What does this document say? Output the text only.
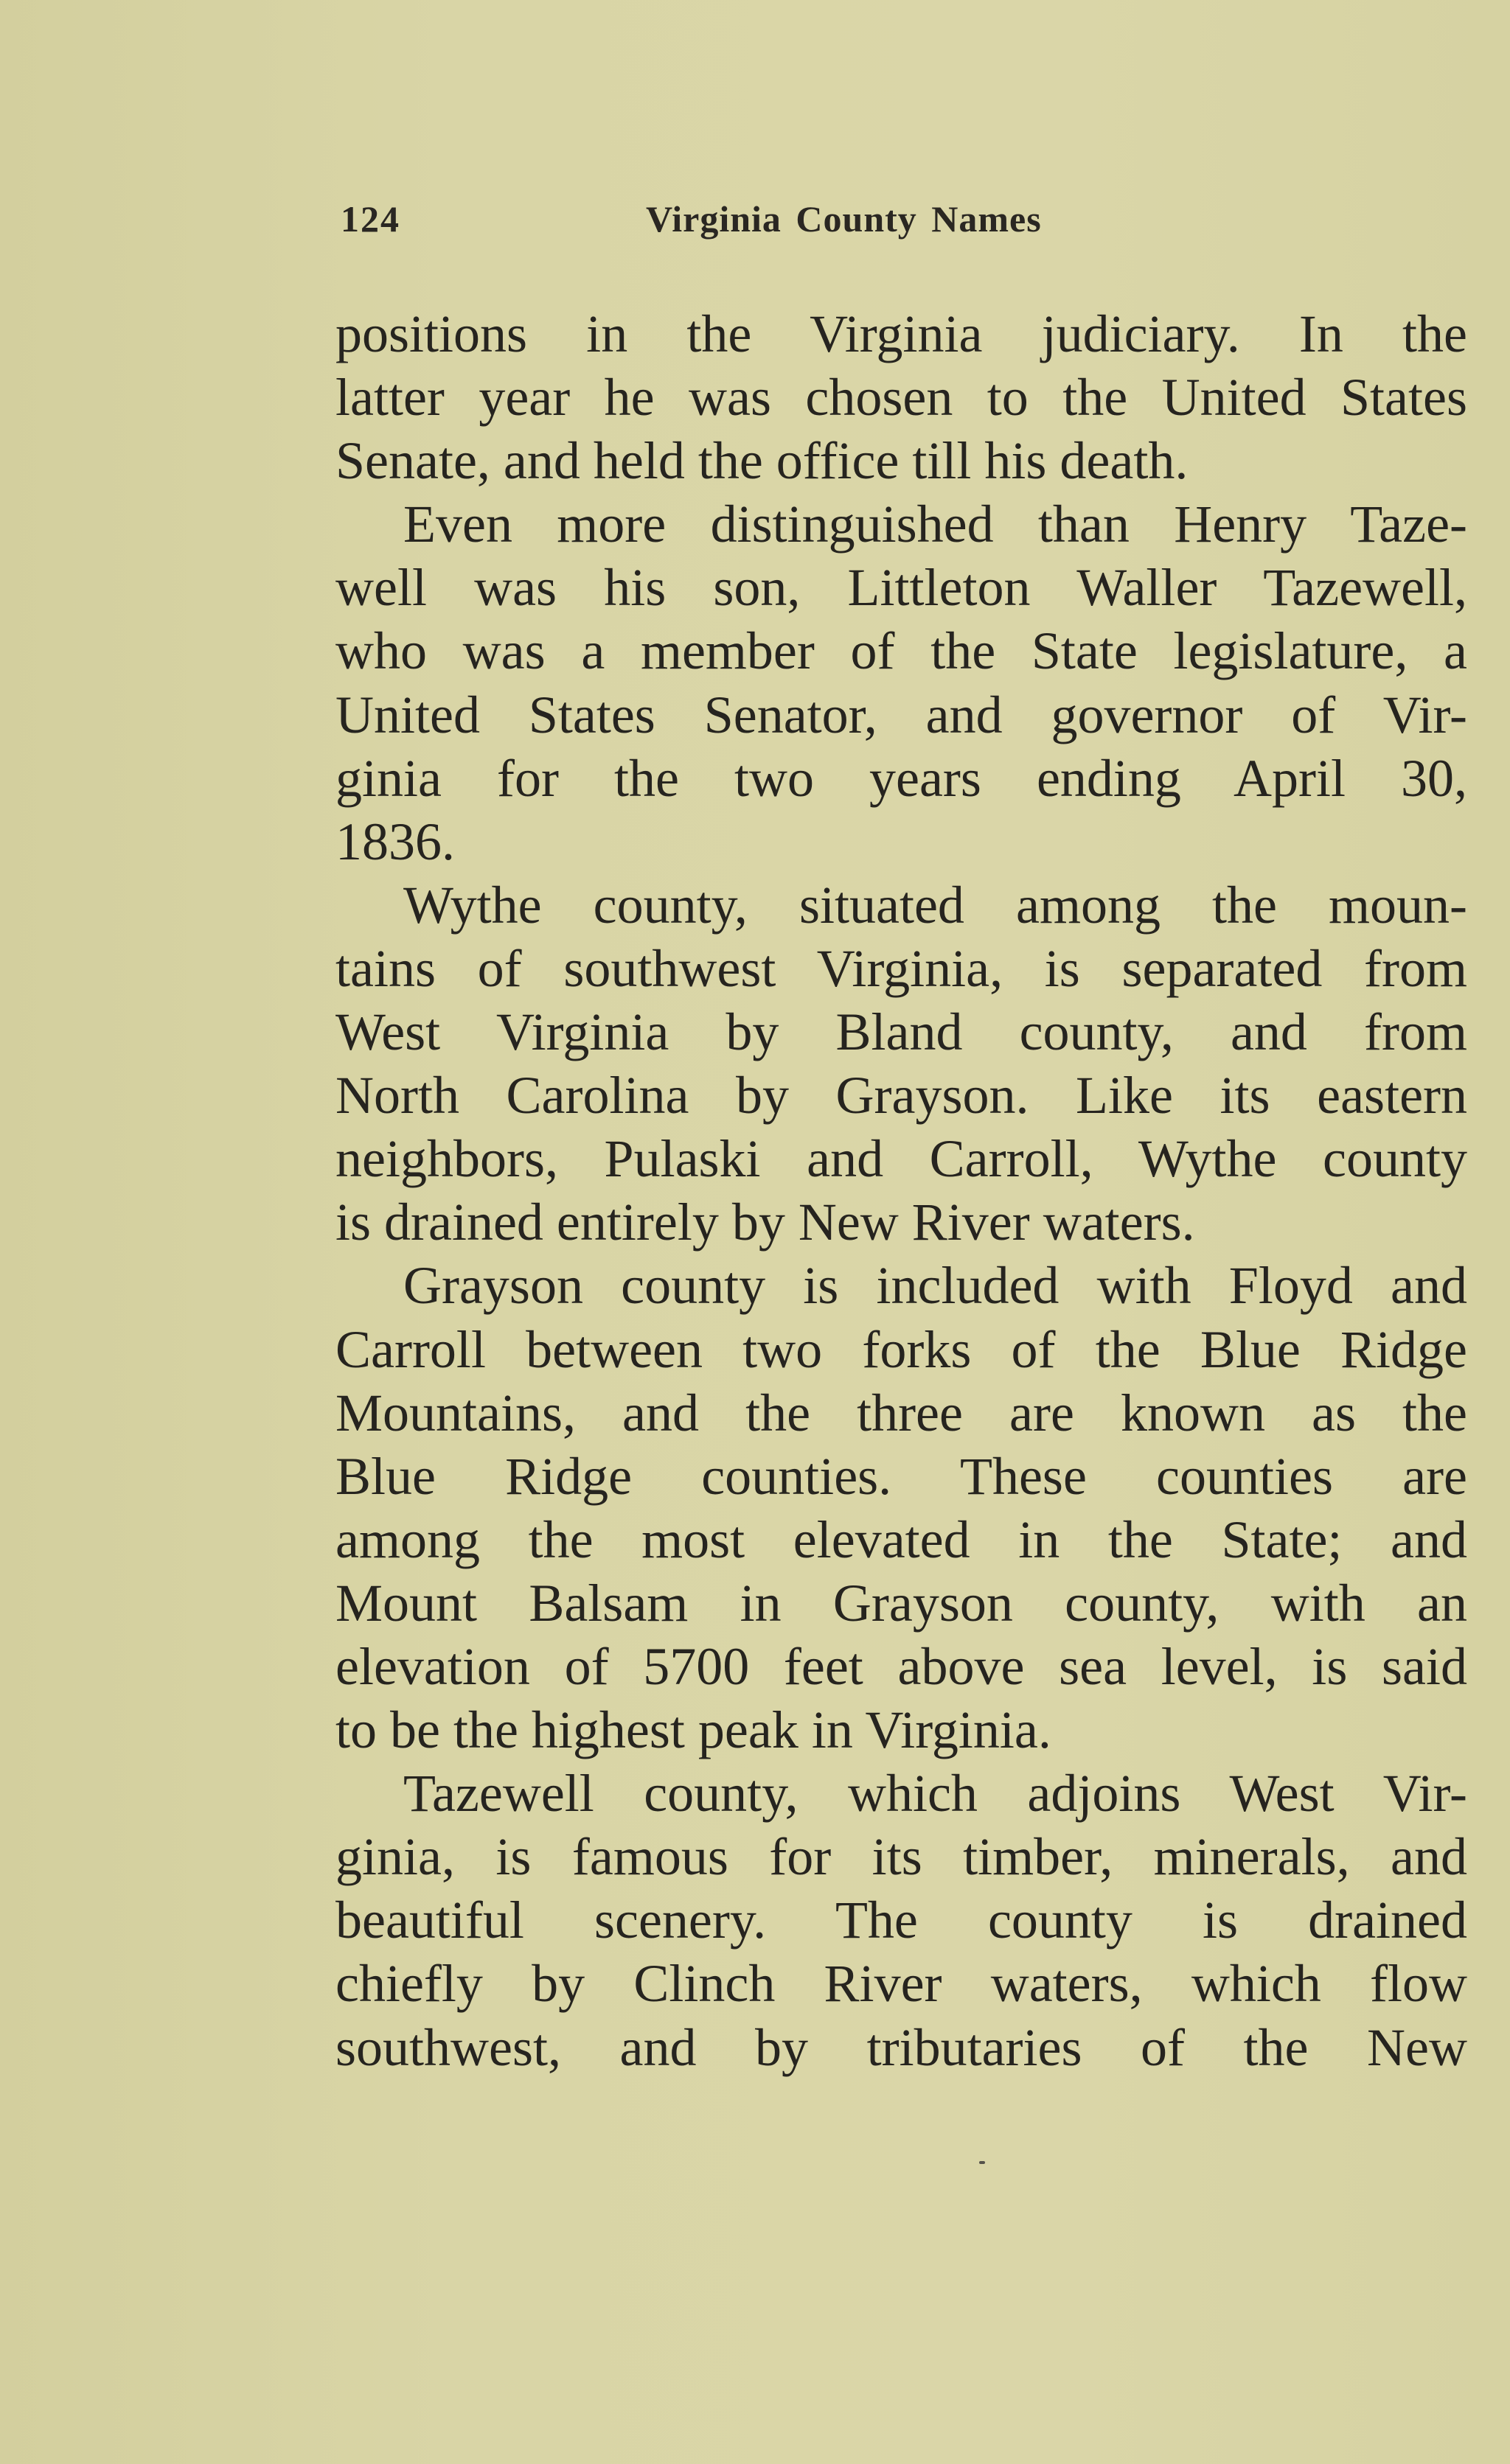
124	Virginia County Names
positions in the Virginia judiciary. In the
latter year he was chosen to the United States
Senate, and held the office till his death.
Even more distinguished than Henry Taze-
well was his son, Littleton Waller Tazewell,
who was a member of the State legislature, a
United States Senator, and governor of Vir-
ginia for the two years ending April 30,
1836.
Wythe county, situated among the moun-
tains of southwest Virginia, is separated from
West Virginia by Bland county, and from
North Carolina by Grayson. Like its eastern
neighbors, Pulaski and Carroll, Wythe county
is drained entirely by New River waters.
Grayson county is included with Floyd and
Carroll between two forks of the Blue Ridge
Mountains, and the three are known as the
Blue Ridge counties. These counties are
among the most elevated in the State; and
Mount Balsam in Grayson county, with an
elevation of 5700 feet above sea level, is said
to be the highest peak in Virginia.
Tazewell county, which adjoins West Vir-
ginia, is famous for its timber, minerals, and
beautiful scenery. The county is drained
chiefly by Clinch River waters, which flow
southwest, and by tributaries of the New
